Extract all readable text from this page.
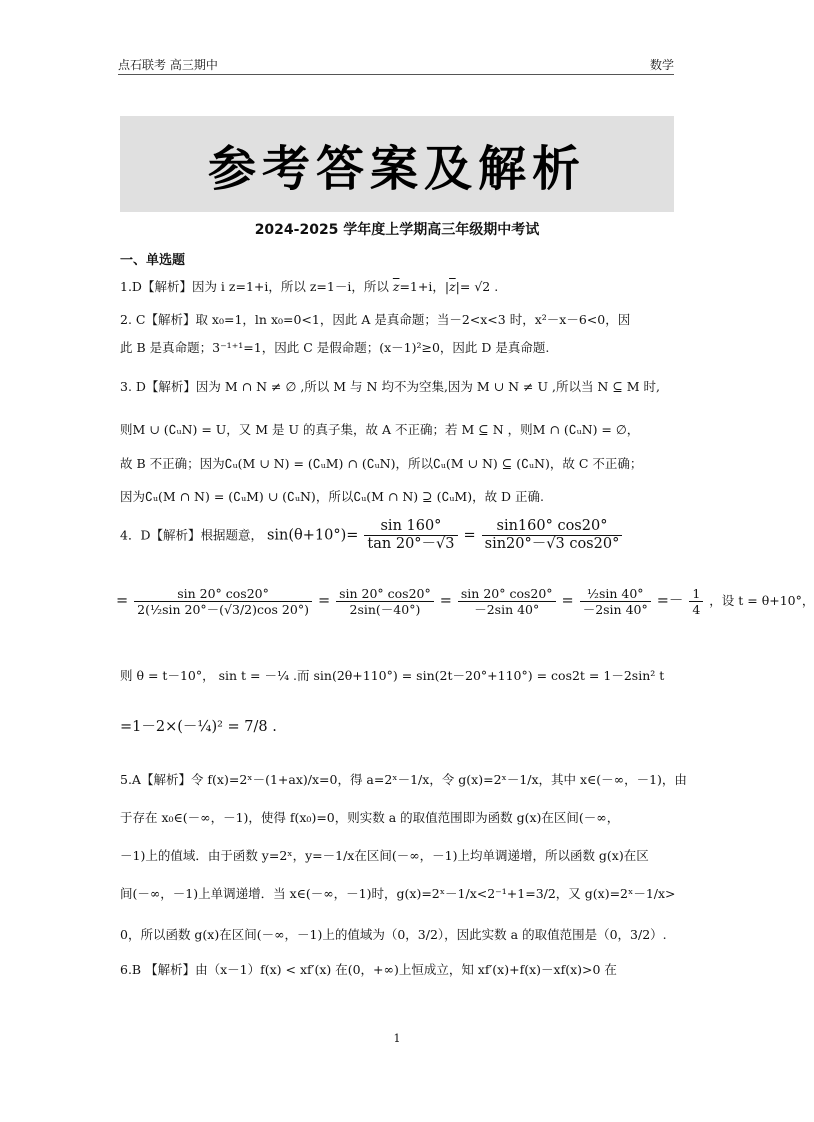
点石联考 高三期中	数学
参考答案及解析
2024-2025 学年度上学期高三年级期中考试
一、单选题
1.D【解析】因为 i z=1+i，所以 z=1－i，所以 $\overline{z}=1+i$，$|\overline{z}|= √2$ .
2. C【解析】取 x₀=1，ln x₀=0<1，因此 A 是真命题；当－2<x<3 时，x²－x－6<0，因
此 B 是真命题；3⁻¹⁺¹=1，因此 C 是假命题；(x－1)²≥0，因此 D 是真命题.
3. D【解析】因为 M ∩ N ≠ ∅ ,所以 M 与 N 均不为空集,因为 M ∪ N ≠ U ,所以当 N ⊆ M 时,
则M ∪ (∁ᵤN) = U，又 M 是 U 的真子集，故 A 不正确；若 M ⊆ N ，则M ∩ (∁ᵤN) = ∅，
故 B 不正确；因为∁ᵤ(M ∪ N) = (∁ᵤM) ∩ (∁ᵤN)，所以∁ᵤ(M ∪ N) ⊆ (∁ᵤN)，故 C 不正确；
因为∁ᵤ(M ∩ N) = (∁ᵤM) ∪ (∁ᵤN)，所以∁ᵤ(M ∩ N) ⊇ (∁ᵤM)，故 D 正确.
4．D【解析】根据题意， $\sin(\theta+10^\circ)= \frac{\sin 160^\circ}{\tan 20^\circ-√3} = \frac{\sin 160^\circ \cos 20^\circ}{\sin 20^\circ-√3 \cos 20^\circ}$
= $\frac{\sin 20^\circ \cos 20^\circ}{\text{2(½sin 20°－(√3/2)cos 20°)}} = \frac{\sin 20^\circ \cos 20^\circ}{2\sin(-40^\circ)} = \frac{\sin 20^\circ \cos 20^\circ}{-2\sin 40^\circ} = \frac{\text{½sin 40°}}{-2\sin 40^\circ} =- \frac{1}{4}$ ，设 t = θ+10°，
则 θ = t－10°， sin t = －¼ .而 sin(2θ+110°) = sin(2t－20°+110°) = cos2t = 1－2sin² t
=1－2×(－¼)² = 7/8 .
5.A【解析】令 f(x)=2ˣ－(1+ax)/x=0，得 a=2ˣ－1/x，令 g(x)=2ˣ－1/x，其中 x∈(－∞，－1)，由
于存在 x₀∈(－∞，－1)，使得 f(x₀)=0，则实数 a 的取值范围即为函数 g(x)在区间(－∞，
－1)上的值域．由于函数 y=2ˣ，y=－1/x在区间(－∞，－1)上均单调递增，所以函数 g(x)在区
间(－∞，－1)上单调递增．当 x∈(－∞，－1)时，g(x)=2ˣ－1/x<2⁻¹+1=3/2，又 g(x)=2ˣ－1/x>
0，所以函数 g(x)在区间(－∞，－1)上的值域为（0，3/2），因此实数 a 的取值范围是（0，3/2）.
6.B 【解析】由（x－1）f(x) < xf′(x) 在(0，+∞)上恒成立，知 xf′(x)+f(x)－xf(x)>0 在
1
